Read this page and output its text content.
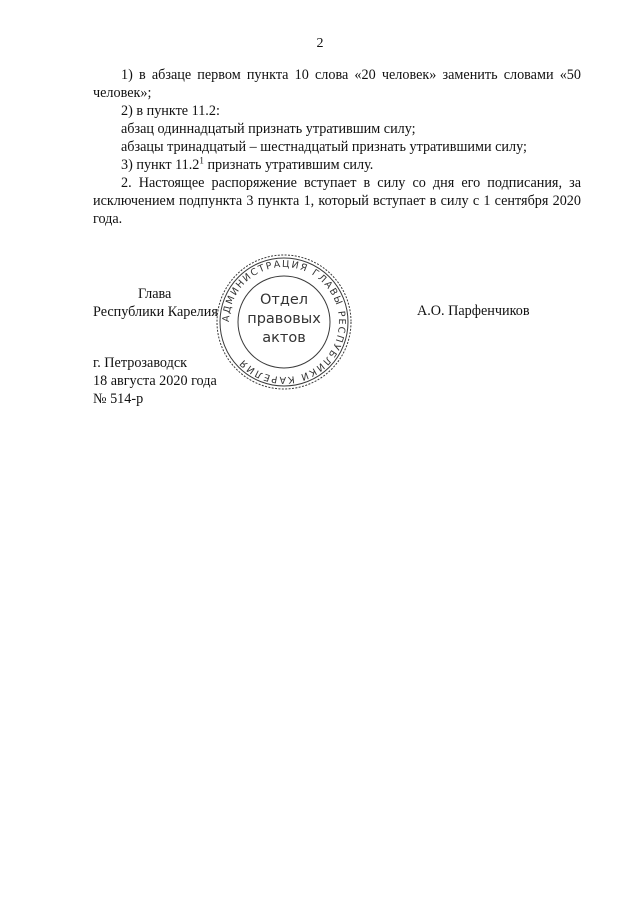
2

1) в абзаце первом пункта 10 слова «20 человек» заменить словами «50 человек»;

2) в пункте 11.2:

абзац одиннадцатый признать утратившим силу;

абзацы тринадцатый – шестнадцатый признать утратившими силу;

3) пункт 11.2$^1$ признать утратившим силу.

2. Настоящее распоряжение вступает в силу со дня его подписания, за исключением подпункта 3 пункта 1, который вступает в силу с 1 сентября 2020 года.

Глава
Республики Карелия АДМИНИСТРАЦИЯ ГЛАВЫ РЕСПУБЛИКИ КАРЕЛИЯ
Отдел
правовых
актов
А.О. Парфенчиков
г. Петрозаводск
18 августа 2020 года
№ 514-р
